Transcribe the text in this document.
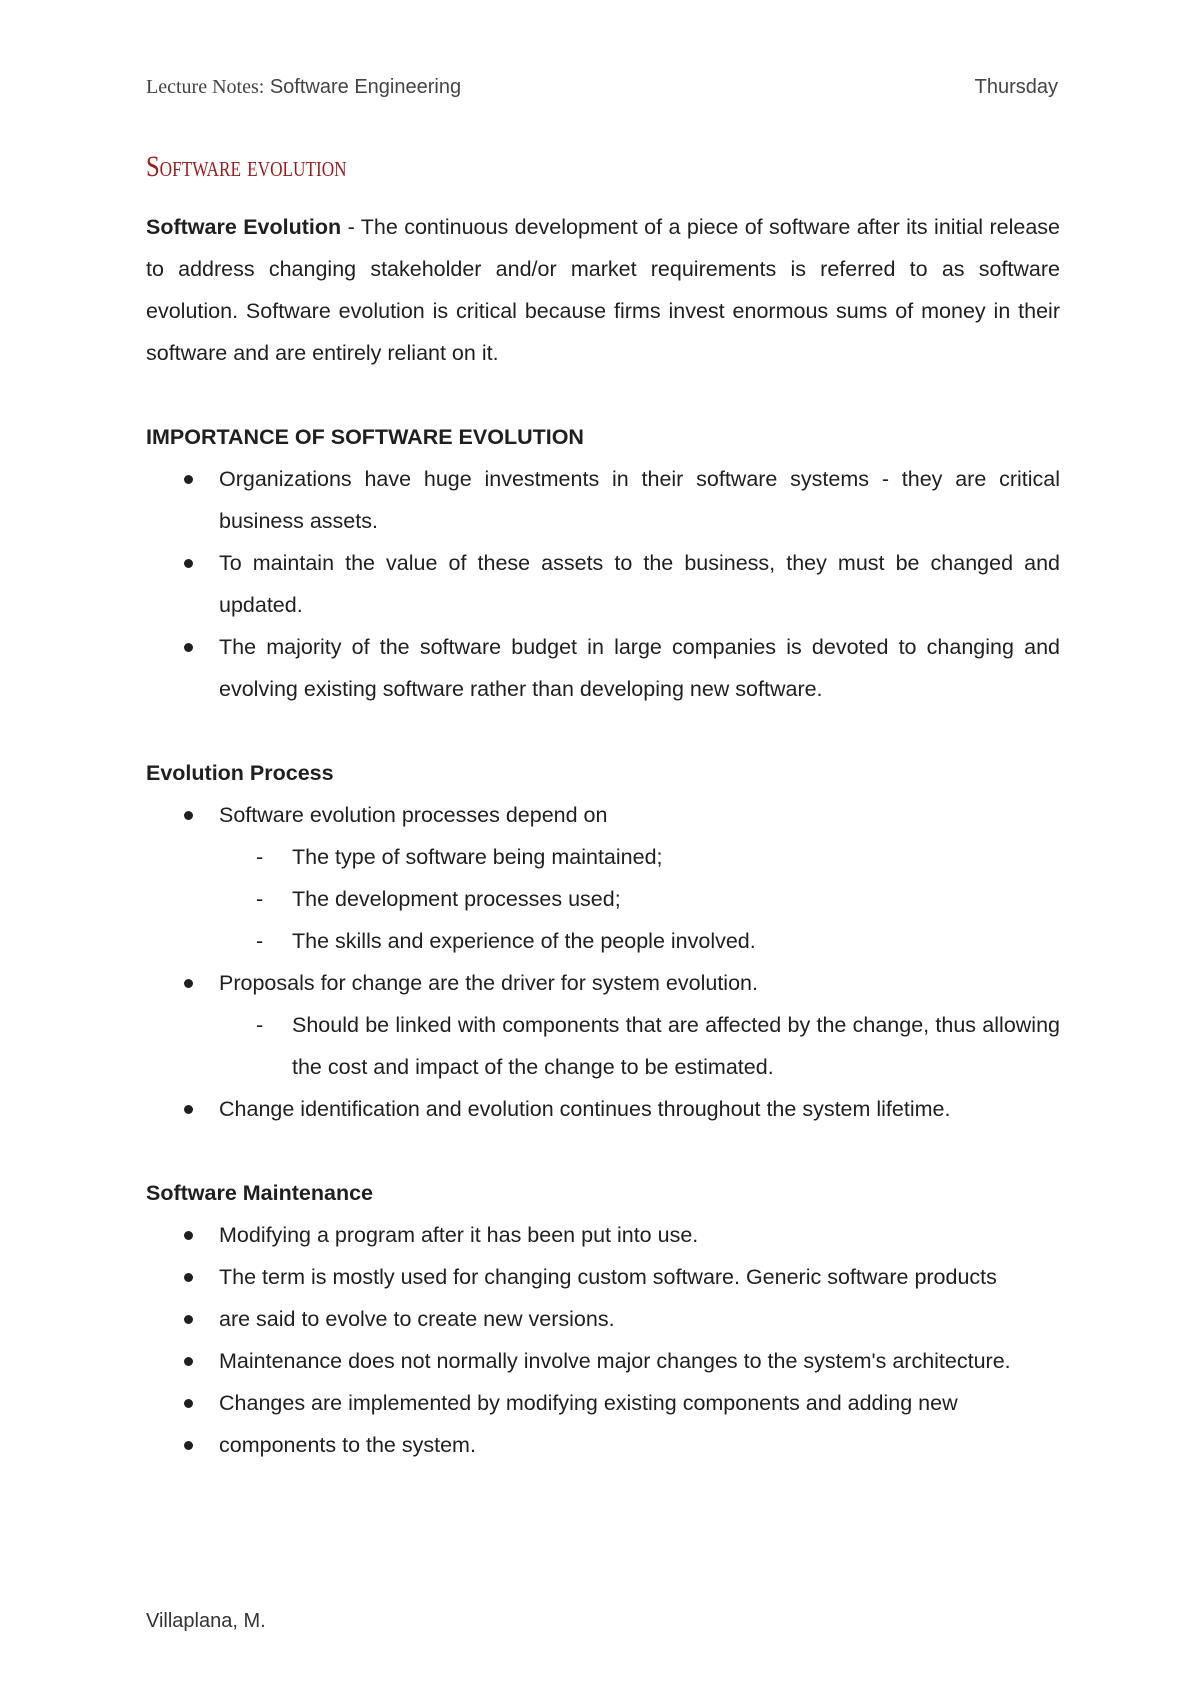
Lecture Notes: Software Engineering	Thursday
Software evolution

Software Evolution - The continuous development of a piece of software after its initial release to address changing stakeholder and/or market requirements is referred to as software evolution. Software evolution is critical because firms invest enormous sums of money in their software and are entirely reliant on it.

IMPORTANCE OF SOFTWARE EVOLUTION
Organizations have huge investments in their software systems - they are critical business assets.
To maintain the value of these assets to the business, they must be changed and updated.
The majority of the software budget in large companies is devoted to changing and evolving existing software rather than developing new software.
Evolution Process
Software evolution processes depend on
- The type of software being maintained;
- The development processes used;
- The skills and experience of the people involved.
Proposals for change are the driver for system evolution.
- Should be linked with components that are affected by the change, thus allowing the cost and impact of the change to be estimated.
Change identification and evolution continues throughout the system lifetime.
Software Maintenance
Modifying a program after it has been put into use.
The term is mostly used for changing custom software. Generic software products
are said to evolve to create new versions.
Maintenance does not normally involve major changes to the system's architecture.
Changes are implemented by modifying existing components and adding new
components to the system.
Villaplana, M.
